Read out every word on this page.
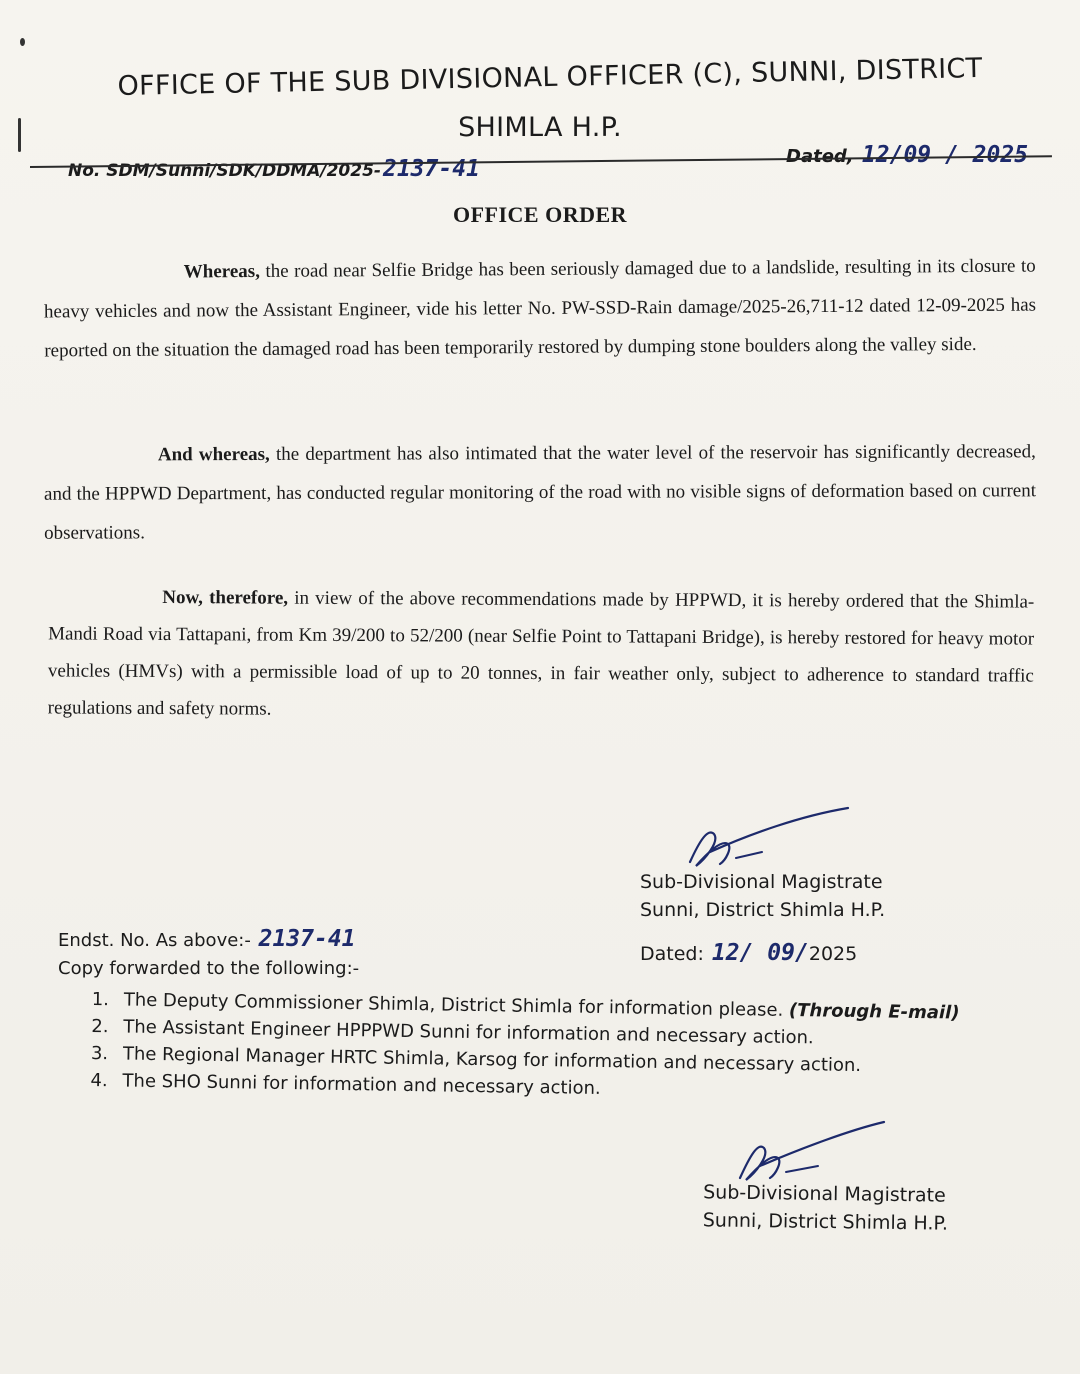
OFFICE OF THE SUB DIVISIONAL OFFICER (C), SUNNI, DISTRICT
SHIMLA H.P.
No. SDM/Sunni/SDK/DDMA/2025-2137-41	Dated, 12/09 / 2025
OFFICE ORDER
Whereas, the road near Selfie Bridge has been seriously damaged due to a landslide, resulting in its closure to heavy vehicles and now the Assistant Engineer, vide his letter No. PW-SSD-Rain damage/2025-26,711-12 dated 12-09-2025 has reported on the situation the damaged road has been temporarily restored by dumping stone boulders along the valley side.
And whereas, the department has also intimated that the water level of the reservoir has significantly decreased, and the HPPWD Department, has conducted regular monitoring of the road with no visible signs of deformation based on current observations.
Now, therefore, in view of the above recommendations made by HPPWD, it is hereby ordered that the Shimla-Mandi Road via Tattapani, from Km 39/200 to 52/200 (near Selfie Point to Tattapani Bridge), is hereby restored for heavy motor vehicles (HMVs) with a permissible load of up to 20 tonnes, in fair weather only, subject to adherence to standard traffic regulations and safety norms.
Sub-Divisional Magistrate
Sunni, District Shimla H.P.
Endst. No. As above:- 2137-41
Dated: 12/ 09/2025
Copy forwarded to the following:-
1. The Deputy Commissioner Shimla, District Shimla for information please. (Through E-mail)
2. The Assistant Engineer HPPPWD Sunni for information and necessary action.
3. The Regional Manager HRTC Shimla, Karsog for information and necessary action.
4. The SHO Sunni for information and necessary action.
Sub-Divisional Magistrate
Sunni, District Shimla H.P.
